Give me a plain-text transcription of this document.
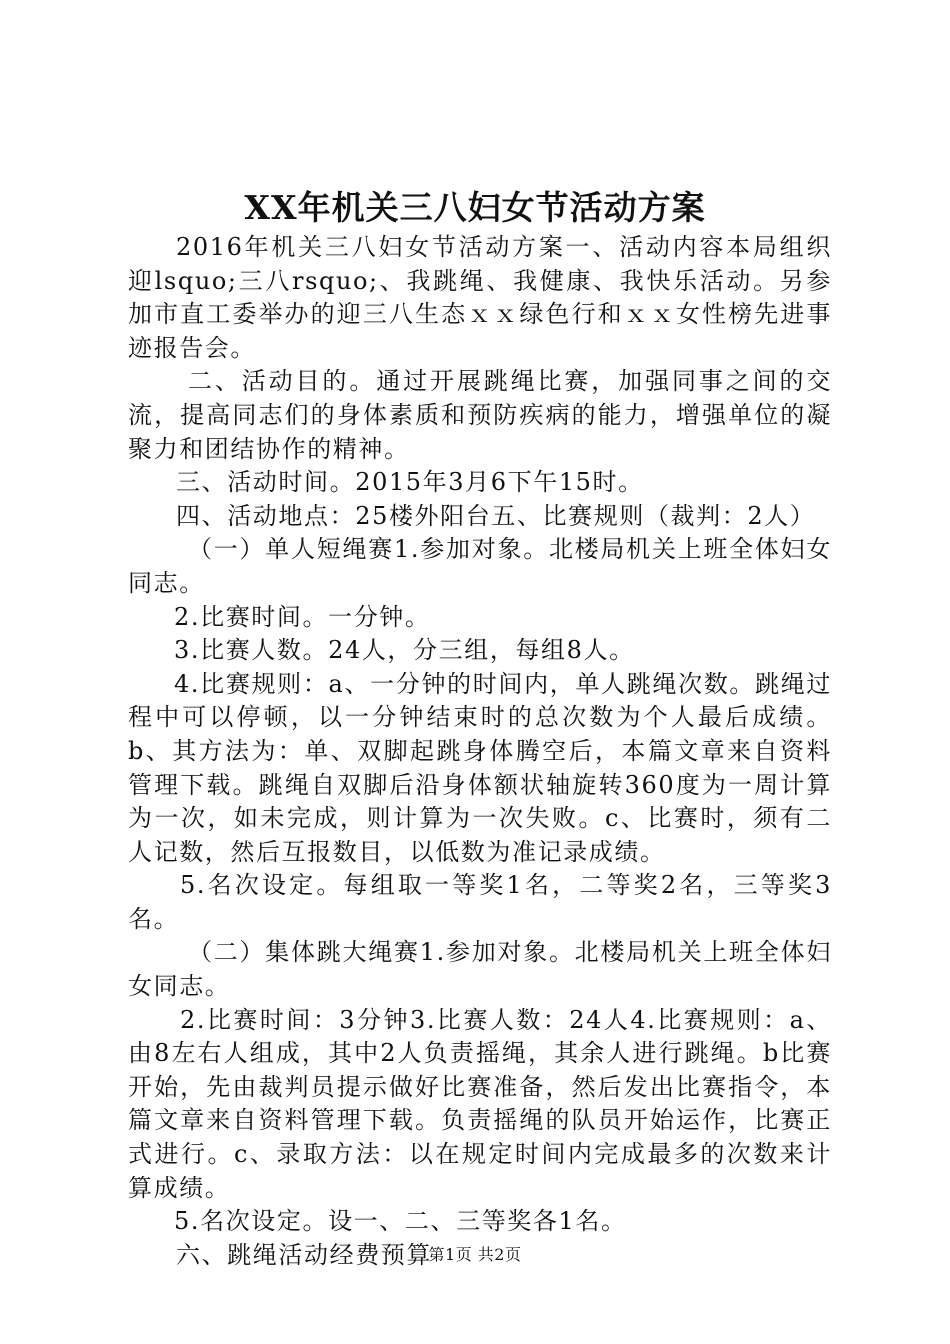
XX年机关三八妇女节活动方案

2016年机关三八妇女节活动方案一、活动内容本局组织迎lsquo;三八rsquo;、我跳绳、我健康、我快乐活动。另参加市直工委举办的迎三八生态ｘｘ绿色行和ｘｘ女性榜先进事迹报告会。

二、活动目的。通过开展跳绳比赛，加强同事之间的交流，提高同志们的身体素质和预防疾病的能力，增强单位的凝聚力和团结协作的精神。

三、活动时间。2015年3月6下午15时。

四、活动地点：25楼外阳台五、比赛规则（裁判：2人）

（一）单人短绳赛1.参加对象。北楼局机关上班全体妇女同志。

2.比赛时间。一分钟。

3.比赛人数。24人，分三组，每组8人。

4.比赛规则：a、一分钟的时间内，单人跳绳次数。跳绳过程中可以停顿，以一分钟结束时的总次数为个人最后成绩。b、其方法为：单、双脚起跳身体腾空后，本篇文章来自资料管理下载。跳绳自双脚后沿身体额状轴旋转360度为一周计算为一次，如未完成，则计算为一次失败。c、比赛时，须有二人记数，然后互报数目，以低数为准记录成绩。

5.名次设定。每组取一等奖1名，二等奖2名，三等奖3名。

（二）集体跳大绳赛1.参加对象。北楼局机关上班全体妇女同志。

2.比赛时间：3分钟3.比赛人数：24人4.比赛规则：a、由8左右人组成，其中2人负责摇绳，其余人进行跳绳。b比赛开始，先由裁判员提示做好比赛准备，然后发出比赛指令，本篇文章来自资料管理下载。负责摇绳的队员开始运作，比赛正式进行。c、录取方法：以在规定时间内完成最多的次数来计算成绩。

5.名次设定。设一、二、三等奖各1名。

六、跳绳活动经费预算

第1页 共2页
